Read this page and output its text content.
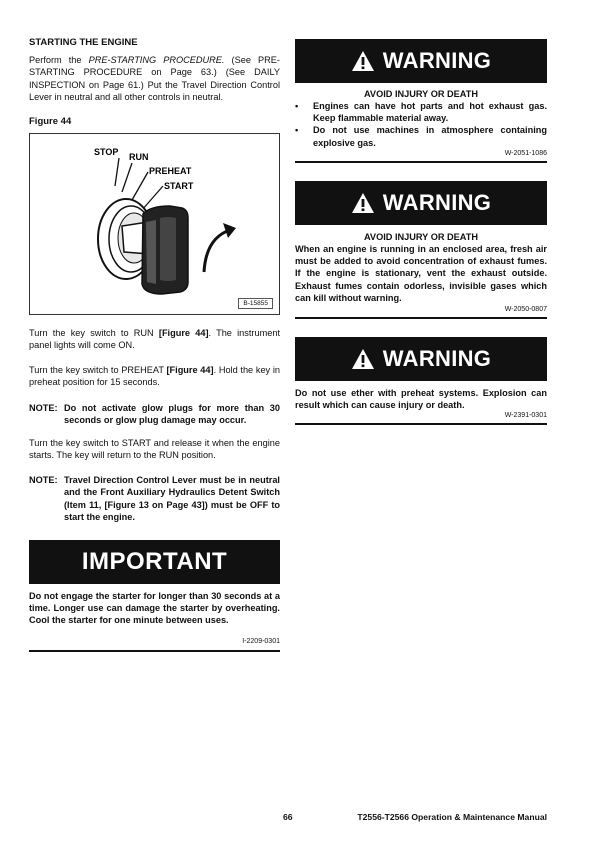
STARTING THE ENGINE
Perform the PRE-STARTING PROCEDURE. (See PRE-STARTING PROCEDURE on Page 63.) (See DAILY INSPECTION on Page 61.) Put the Travel Direction Control Lever in neutral and all other controls in neutral.
Figure 44
STOP RUN
PREHEAT
START
B-15855
Turn the key switch to RUN [Figure 44]. The instrument panel lights will come ON.
Turn the key switch to PREHEAT [Figure 44]. Hold the key in preheat position for 15 seconds.
NOTE: Do not activate glow plugs for more than 30 seconds or glow plug damage may occur.
Turn the key switch to START and release it when the engine starts. The key will return to the RUN position.
NOTE: Travel Direction Control Lever must be in neutral and the Front Auxiliary Hydraulics Detent Switch (Item 11, [Figure 13 on Page 43]) must be OFF to start the engine.
IMPORTANT
Do not engage the starter for longer than 30 seconds at a time. Longer use can damage the starter by overheating. Cool the starter for one minute between uses.
I-2209-0301
WARNING
AVOID INJURY OR DEATH
•	Engines can have hot parts and hot exhaust gas. Keep flammable material away.
•	Do not use machines in atmosphere containing explosive gas.
W-2051-1086
WARNING
AVOID INJURY OR DEATH
When an engine is running in an enclosed area, fresh air must be added to avoid concentration of exhaust fumes. If the engine is stationary, vent the exhaust outside. Exhaust fumes contain odorless, invisible gases which can kill without warning.
W-2050-0807
WARNING
Do not use ether with preheat systems. Explosion can result which can cause injury or death.
W-2391-0301
66	T2556-T2566 Operation & Maintenance Manual
